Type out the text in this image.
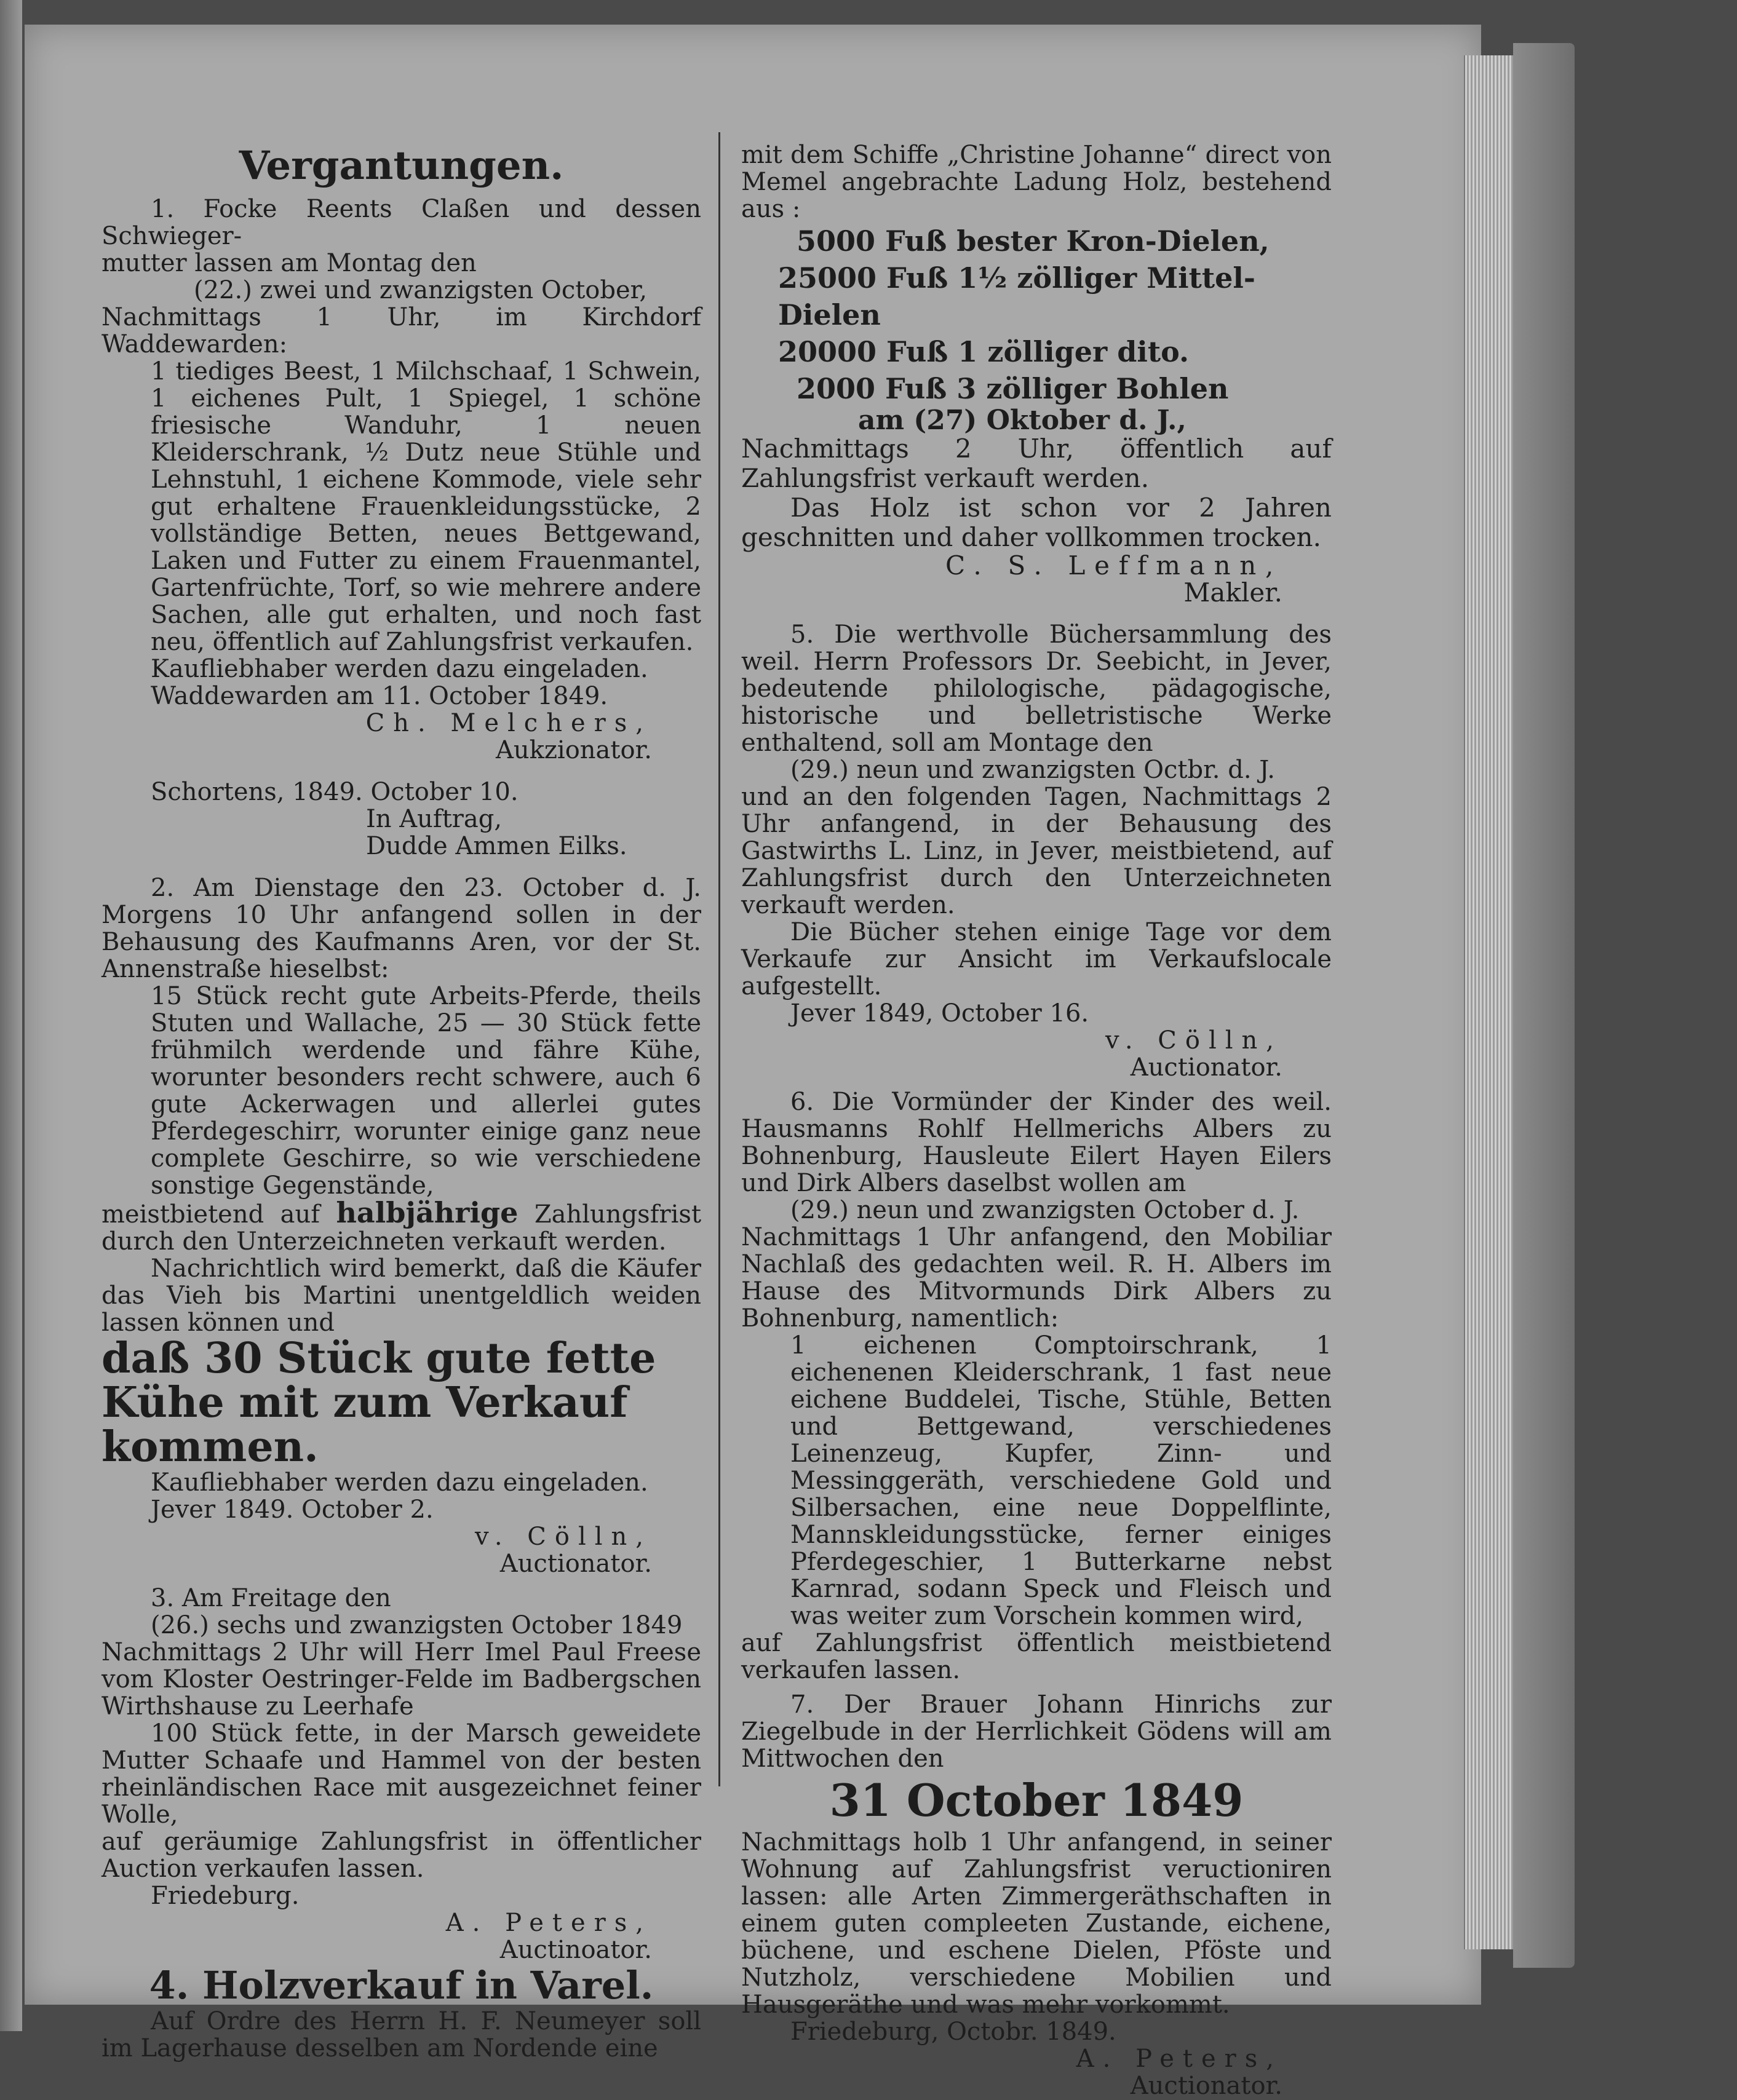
Vergantungen.

1. Focke Reents Claßen und dessen Schwieger-

mutter lassen am Montag den

(22.) zwei und zwanzigsten October,

Nachmittags 1 Uhr, im Kirchdorf Waddewarden:

1 tiediges Beest, 1 Milchschaaf, 1 Schwein, 1 eichenes Pult, 1 Spiegel, 1 schöne friesische Wanduhr, 1 neuen Kleiderschrank, ½ Dutz neue Stühle und Lehnstuhl, 1 eichene Kommode, viele sehr gut erhaltene Frauenkleidungsstücke, 2 vollständige Betten, neues Bettgewand, Laken und Futter zu einem Frauenmantel, Gartenfrüchte, Torf, so wie mehrere andere Sachen, alle gut erhalten, und noch fast neu, öffentlich auf Zahlungsfrist verkaufen.

Kaufliebhaber werden dazu eingeladen.

Waddewarden am 11. October 1849.

Ch. Melchers,

Aukzionator.

Schortens, 1849. October 10.

In Auftrag,

Dudde Ammen Eilks.

2. Am Dienstage den 23. October d. J. Morgens 10 Uhr anfangend sollen in der Behausung des Kaufmanns Aren, vor der St. Annenstraße hieselbst:

15 Stück recht gute Arbeits-Pferde, theils Stuten und Wallache, 25 — 30 Stück fette frühmilch werdende und fähre Kühe, worunter besonders recht schwere, auch 6 gute Ackerwagen und allerlei gutes Pferdegeschirr, worunter einige ganz neue complete Geschirre, so wie verschiedene sonstige Gegenstände,

meistbietend auf halbjährige Zahlungsfrist durch den Unterzeichneten verkauft werden.

Nachrichtlich wird bemerkt, daß die Käufer das Vieh bis Martini unentgeldlich weiden lassen können und

daß 30 Stück gute fette Kühe mit zum Verkauf kommen.

Kaufliebhaber werden dazu eingeladen.

Jever 1849. October 2.

v. Cölln,

Auctionator.

3. Am Freitage den

(26.) sechs und zwanzigsten October 1849

Nachmittags 2 Uhr will Herr Imel Paul Freese vom Kloster Oestringer-Felde im Badbergschen Wirthshause zu Leerhafe

100 Stück fette, in der Marsch geweidete Mutter Schaafe und Hammel von der besten rheinländischen Race mit ausgezeichnet feiner Wolle,

auf geräumige Zahlungsfrist in öffentlicher Auction verkaufen lassen.

Friedeburg.

A. Peters,

Auctinoator.

4. Holzverkauf in Varel.

Auf Ordre des Herrn H. F. Neumeyer soll im Lagerhause desselben am Nordende eine

mit dem Schiffe „Christine Johanne“ direct von Memel angebrachte Ladung Holz, bestehend aus :

5000 Fuß bester Kron-Dielen,

25000 Fuß 1½ zölliger Mittel-Dielen

20000 Fuß 1 zölliger dito.

2000 Fuß 3 zölliger Bohlen

am (27) Oktober d. J.,

Nachmittags 2 Uhr, öffentlich auf Zahlungsfrist verkauft werden.

Das Holz ist schon vor 2 Jahren geschnitten und daher vollkommen trocken.

C. S. Leffmann,

Makler.

5. Die werthvolle Büchersammlung des weil. Herrn Professors Dr. Seebicht, in Jever, bedeutende philologische, pädagogische, historische und belletristische Werke enthaltend, soll am Montage den

(29.) neun und zwanzigsten Octbr. d. J.

und an den folgenden Tagen, Nachmittags 2 Uhr anfangend, in der Behausung des Gastwirths L. Linz, in Jever, meistbietend, auf Zahlungsfrist durch den Unterzeichneten verkauft werden.

Die Bücher stehen einige Tage vor dem Verkaufe zur Ansicht im Verkaufslocale aufgestellt.

Jever 1849, October 16.

v. Cölln,

Auctionator.

6. Die Vormünder der Kinder des weil. Hausmanns Rohlf Hellmerichs Albers zu Bohnenburg, Hausleute Eilert Hayen Eilers und Dirk Albers daselbst wollen am

(29.) neun und zwanzigsten October d. J.

Nachmittags 1 Uhr anfangend, den Mobiliar Nachlaß des gedachten weil. R. H. Albers im Hause des Mitvormunds Dirk Albers zu Bohnenburg, namentlich:

1 eichenen Comptoirschrank, 1 eichenenen Kleiderschrank, 1 fast neue eichene Buddelei, Tische, Stühle, Betten und Bettgewand, verschiedenes Leinenzeug, Kupfer, Zinn- und Messinggeräth, verschiedene Gold und Silbersachen, eine neue Doppelflinte, Mannskleidungsstücke, ferner einiges Pferdegeschier, 1 Butterkarne nebst Karnrad, sodann Speck und Fleisch und was weiter zum Vorschein kommen wird,

auf Zahlungsfrist öffentlich meistbietend verkaufen lassen.

7. Der Brauer Johann Hinrichs zur Ziegelbude in der Herrlichkeit Gödens will am Mittwochen den

31 October 1849

Nachmittags holb 1 Uhr anfangend, in seiner Wohnung auf Zahlungsfrist veructioniren lassen: alle Arten Zimmergeräthschaften in einem guten compleeten Zustande, eichene, büchene, und eschene Dielen, Pföste und Nutzholz, verschiedene Mobilien und Hausgeräthe und was mehr vorkommt.

Friedeburg, Octobr. 1849.

A. Peters,

Auctionator.
